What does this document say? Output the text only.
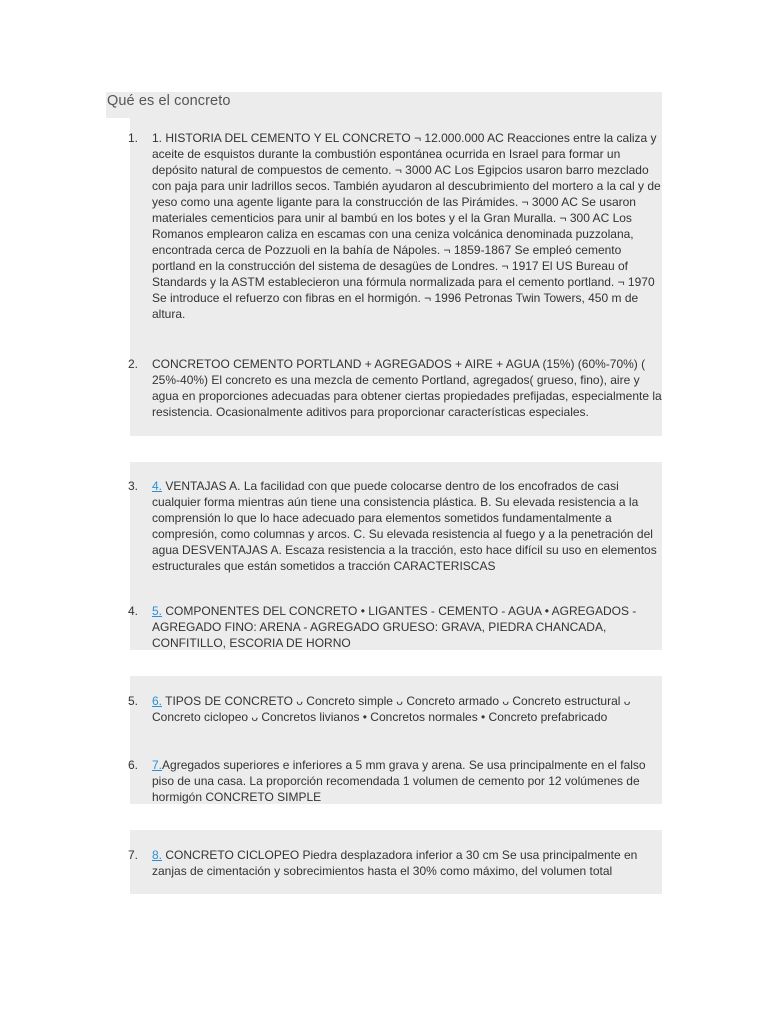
Qué es el concreto
1.	1. HISTORIA DEL CEMENTO Y EL CONCRETO ¬ 12.000.000 AC Reacciones entre la caliza y aceite de esquistos durante la combustión espontánea ocurrida en Israel para formar un depósito natural de compuestos de cemento. ¬ 3000 AC Los Egipcios usaron barro mezclado con paja para unir ladrillos secos. También ayudaron al descubrimiento del mortero a la cal y de yeso como una agente ligante para la construcción de las Pirámides. ¬ 3000 AC Se usaron materiales cementicios para unir al bambú en los botes y el la Gran Muralla. ¬ 300 AC Los Romanos emplearon caliza en escamas con una ceniza volcánica denominada puzzolana, encontrada cerca de Pozzuoli en la bahía de Nápoles. ¬ 1859-1867 Se empleó cemento portland en la construcción del sistema de desagües de Londres. ¬ 1917 El US Bureau of Standards y la ASTM establecieron una fórmula normalizada para el cemento portland. ¬ 1970 Se introduce el refuerzo con fibras en el hormigón. ¬ 1996 Petronas Twin Towers, 450 m de altura.
2.	CONCRETOO CEMENTO PORTLAND + AGREGADOS + AIRE + AGUA (15%) (60%-70%) ( 25%-40%) El concreto es una mezcla de cemento Portland, agregados( grueso, fino), aire y agua en proporciones adecuadas para obtener ciertas propiedades prefijadas, especialmente la resistencia. Ocasionalmente aditivos para proporcionar características especiales.
3.	4. VENTAJAS A. La facilidad con que puede colocarse dentro de los encofrados de casi cualquier forma mientras aún tiene una consistencia plástica. B. Su elevada resistencia a la comprensión lo que lo hace adecuado para elementos sometidos fundamentalmente a compresión, como columnas y arcos. C. Su elevada resistencia al fuego y a la penetración del agua DESVENTAJAS A. Escaza resistencia a la tracción, esto hace difícil su uso en elementos estructurales que están sometidos a tracción CARACTERISCAS
4.	5. COMPONENTES DEL CONCRETO • LIGANTES - CEMENTO - AGUA • AGREGADOS - AGREGADO FINO: ARENA - AGREGADO GRUESO: GRAVA, PIEDRA CHANCADA, CONFITILLO, ESCORIA DE HORNO
5.	6. TIPOS DE CONCRETO ᴗ Concreto simple ᴗ Concreto armado ᴗ Concreto estructural ᴗ Concreto ciclopeo ᴗ Concretos livianos • Concretos normales • Concreto prefabricado
6.	7.Agregados superiores e inferiores a 5 mm grava y arena. Se usa principalmente en el falso piso de una casa. La proporción recomendada 1 volumen de cemento por 12 volúmenes de hormigón CONCRETO SIMPLE
7.	8. CONCRETO CICLOPEO Piedra desplazadora inferior a 30 cm Se usa principalmente en zanjas de cimentación y sobrecimientos hasta el 30% como máximo, del volumen total
